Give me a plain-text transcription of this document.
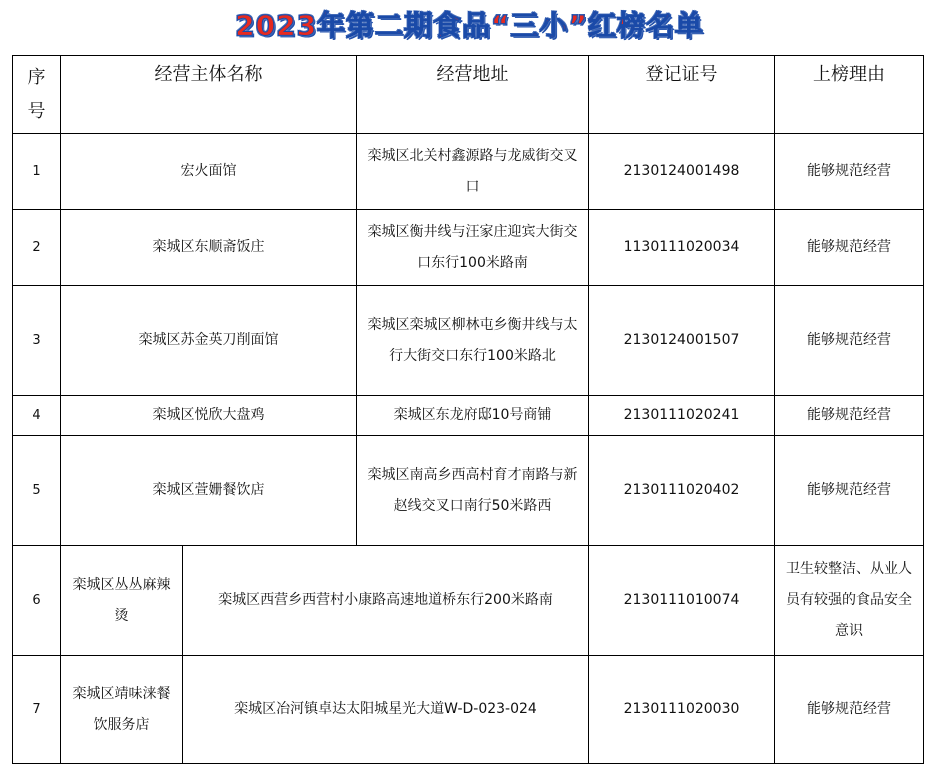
2023年第二期食品“三小”红榜名单
序号	经营主体名称		经营地址	登记证号	上榜理由
1	宏火面馆		栾城区北关村鑫源路与龙威街交叉口	2130124001498	能够规范经营
2	栾城区东顺斋饭庄		栾城区衡井线与汪家庄迎宾大街交口东行100米路南	1130111020034	能够规范经营
3	栾城区苏金英刀削面馆		栾城区栾城区柳林屯乡衡井线与太行大街交口东行100米路北	2130124001507	能够规范经营
4	栾城区悦欣大盘鸡		栾城区东龙府邸10号商铺	2130111020241	能够规范经营
5	栾城区萱姗餐饮店		栾城区南高乡西高村育才南路与新赵线交叉口南行50米路西	2130111020402	能够规范经营
6	栾城区丛丛麻辣烫	栾城区西营乡西营村小康路高速地道桥东行200米路南		2130111010074	卫生较整洁、从业人员有较强的食品安全意识
7	栾城区靖味涞餐饮服务店	栾城区冶河镇卓达太阳城星光大道W-D-023-024		2130111020030	能够规范经营
